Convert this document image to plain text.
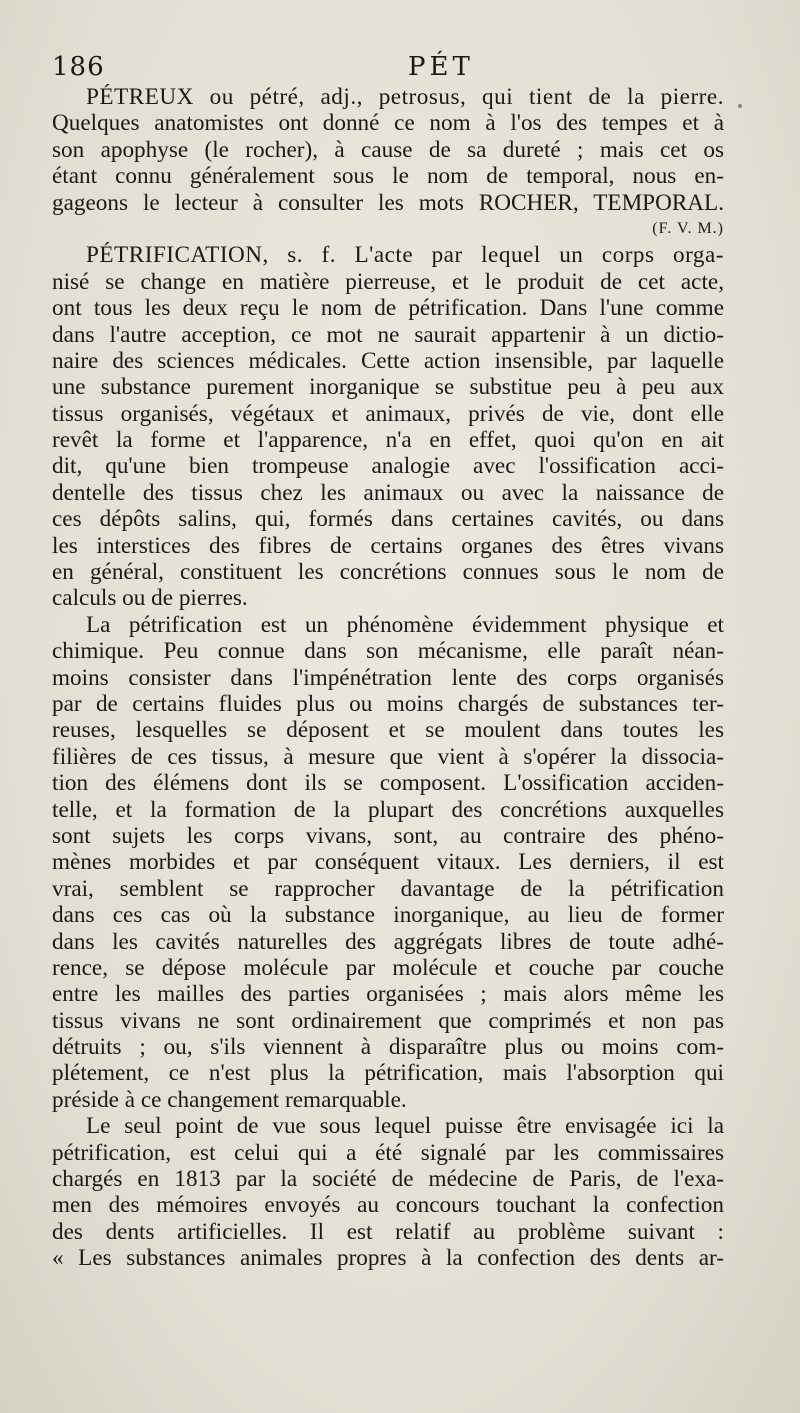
186	PÉT
PÉTREUX ou pétré, adj., petrosus, qui tient de la pierre.
Quelques anatomistes ont donné ce nom à l'os des tempes et à
son apophyse (le rocher), à cause de sa dureté ; mais cet os
étant connu généralement sous le nom de temporal, nous en-
gageons le lecteur à consulter les mots ROCHER, TEMPORAL.
(F. V. M.)
PÉTRIFICATION, s. f. L'acte par lequel un corps orga-
nisé se change en matière pierreuse, et le produit de cet acte,
ont tous les deux reçu le nom de pétrification. Dans l'une comme
dans l'autre acception, ce mot ne saurait appartenir à un dictio-
naire des sciences médicales. Cette action insensible, par laquelle
une substance purement inorganique se substitue peu à peu aux
tissus organisés, végétaux et animaux, privés de vie, dont elle
revêt la forme et l'apparence, n'a en effet, quoi qu'on en ait
dit, qu'une bien trompeuse analogie avec l'ossification acci-
dentelle des tissus chez les animaux ou avec la naissance de
ces dépôts salins, qui, formés dans certaines cavités, ou dans
les interstices des fibres de certains organes des êtres vivans
en général, constituent les concrétions connues sous le nom de
calculs ou de pierres.
La pétrification est un phénomène évidemment physique et
chimique. Peu connue dans son mécanisme, elle paraît néan-
moins consister dans l'impénétration lente des corps organisés
par de certains fluides plus ou moins chargés de substances ter-
reuses, lesquelles se déposent et se moulent dans toutes les
filières de ces tissus, à mesure que vient à s'opérer la dissocia-
tion des élémens dont ils se composent. L'ossification acciden-
telle, et la formation de la plupart des concrétions auxquelles
sont sujets les corps vivans, sont, au contraire des phéno-
mènes morbides et par conséquent vitaux. Les derniers, il est
vrai, semblent se rapprocher davantage de la pétrification
dans ces cas où la substance inorganique, au lieu de former
dans les cavités naturelles des aggrégats libres de toute adhé-
rence, se dépose molécule par molécule et couche par couche
entre les mailles des parties organisées ; mais alors même les
tissus vivans ne sont ordinairement que comprimés et non pas
détruits ; ou, s'ils viennent à disparaître plus ou moins com-
plétement, ce n'est plus la pétrification, mais l'absorption qui
préside à ce changement remarquable.
Le seul point de vue sous lequel puisse être envisagée ici la
pétrification, est celui qui a été signalé par les commissaires
chargés en 1813 par la société de médecine de Paris, de l'exa-
men des mémoires envoyés au concours touchant la confection
des dents artificielles. Il est relatif au problème suivant :
« Les substances animales propres à la confection des dents ar-
